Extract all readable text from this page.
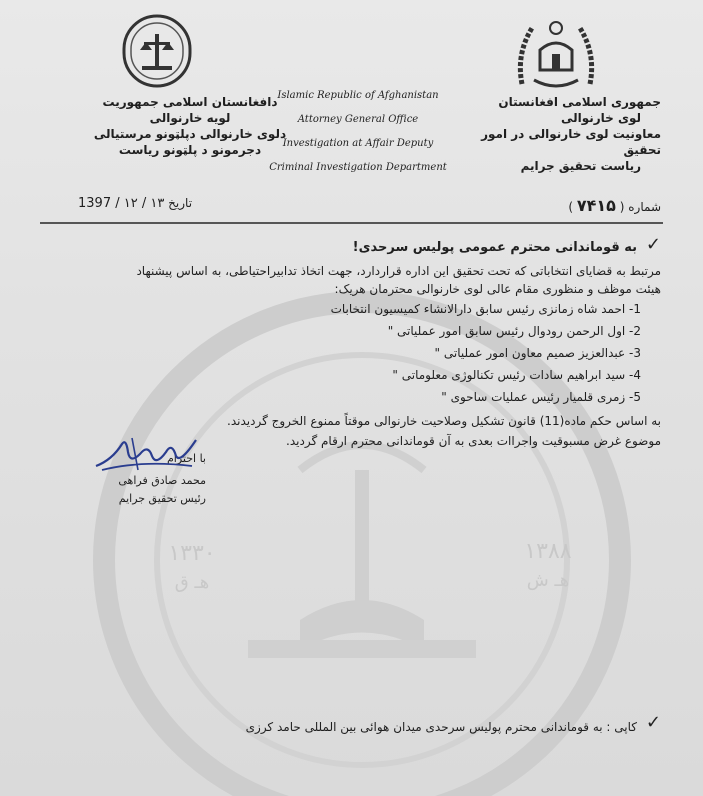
۱۳۳۰
هـ ق
۱۳۸۸
هـ ش
جمهوری اسلامی افغانستان
لوی خارنوالی
معاونیت لوی خارنوالی در امور تحقیق
ریاست تحقیق جرایم
Islamic Republic of Afghanistan
Attorney General Office
Investigation at Affair Deputy
Criminal Investigation Department
دافغانستان اسلامی جمهوریت
لویه خارنوالی
دلوی خارنوالی دپلټونو مرستیالی
دجرمونو د پلټونو ریاست
شماره ( ۷۴۱۵ )
تاریخ ۱۳ / ۱۲ / 1397
✓
به قوماندانی محترم عمومی پولیس سرحدی!
مرتبط به قضایای انتخاباتی که تحت تحقیق این اداره قراردارد، جهت اتخاذ تدابیراحتیاطی، به اساس پیشنهاد
هیئت موظف و منظوری مقام عالی لوی خارنوالی محترمان هریک:
1- احمد شاه زمانزی رئیس سابق دارالانشاء کمیسیون انتخابات
2- اول الرحمن رودوال رئیس سابق امور عملیاتی "
3- عبدالعزیز صمیم معاون امور عملیاتی "
4- سید ابراهیم سادات رئیس تکنالوژی معلوماتی "
5- زمری قلمیار رئیس عملیات ساحوی "
به اساس حکم ماده(11) قانون تشکیل وصلاحیت خارنوالی موقتاً ممنوع الخروج گردیدند.
موضوع غرض مسبوقیت واجراات بعدی به آن قوماندانی محترم ارقام گردید.
با احترام
محمد صادق فراهی
رئیس تحقیق جرایم
✓
کاپی : به قوماندانی محترم پولیس سرحدی میدان هوائی بین المللی حامد کرزی
